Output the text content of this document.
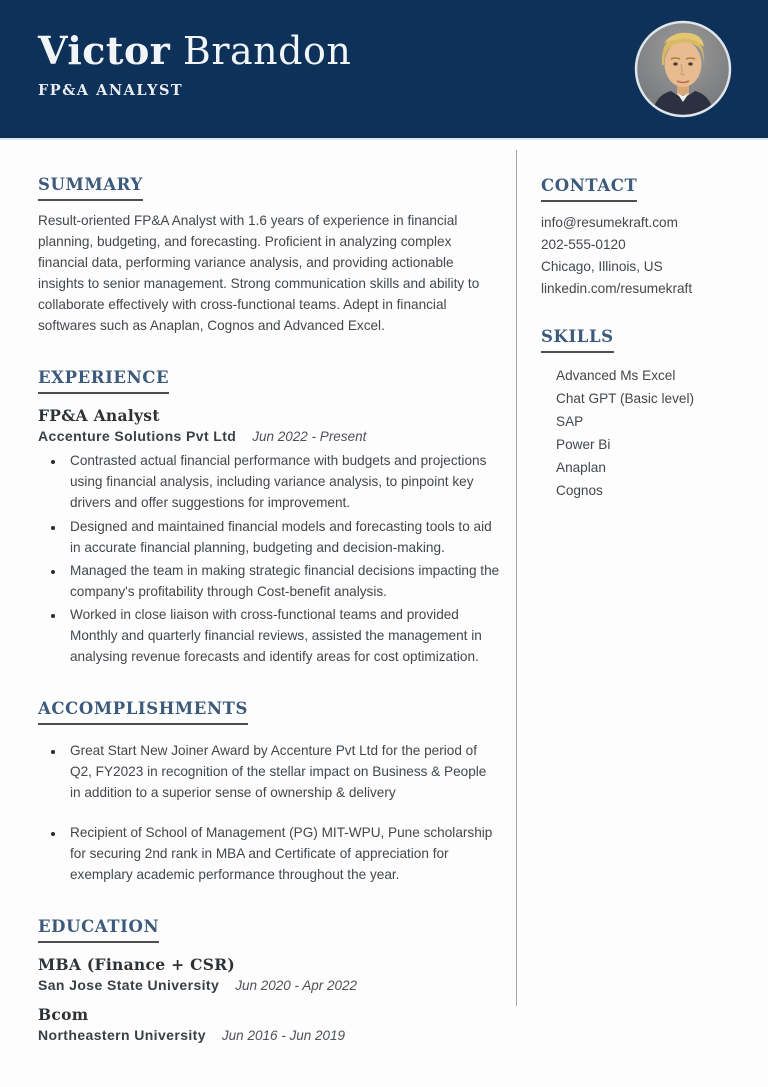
Victor Brandon
FP&A ANALYST
SUMMARY

Result-oriented FP&A Analyst with 1.6 years of experience in financial planning, budgeting, and forecasting. Proficient in analyzing complex financial data, performing variance analysis, and providing actionable insights to senior management. Strong communication skills and ability to collaborate effectively with cross-functional teams. Adept in financial softwares such as Anaplan, Cognos and Advanced Excel.

EXPERIENCE
FP&A Analyst
Accenture Solutions Pvt Ltd Jun 2022 - Present
• Contrasted actual financial performance with budgets and projections using financial analysis, including variance analysis, to pinpoint key drivers and offer suggestions for improvement.
• Designed and maintained financial models and forecasting tools to aid in accurate financial planning, budgeting and decision-making.
• Managed the team in making strategic financial decisions impacting the company's profitability through Cost-benefit analysis.
• Worked in close liaison with cross-functional teams and provided Monthly and quarterly financial reviews, assisted the management in analysing revenue forecasts and identify areas for cost optimization.
ACCOMPLISHMENTS
• Great Start New Joiner Award by Accenture Pvt Ltd for the period of Q2, FY2023 in recognition of the stellar impact on Business & People in addition to a superior sense of ownership & delivery
• Recipient of School of Management (PG) MIT-WPU, Pune scholarship for securing 2nd rank in MBA and Certificate of appreciation for exemplary academic performance throughout the year.
EDUCATION
MBA (Finance + CSR)
San Jose State University Jun 2020 - Apr 2022
Bcom
Northeastern University Jun 2016 - Jun 2019
CONTACT
info@resumekraft.com
202-555-0120
Chicago, Illinois, US
linkedin.com/resumekraft
SKILLS
Advanced Ms Excel
Chat GPT (Basic level)
SAP
Power Bi
Anaplan
Cognos
